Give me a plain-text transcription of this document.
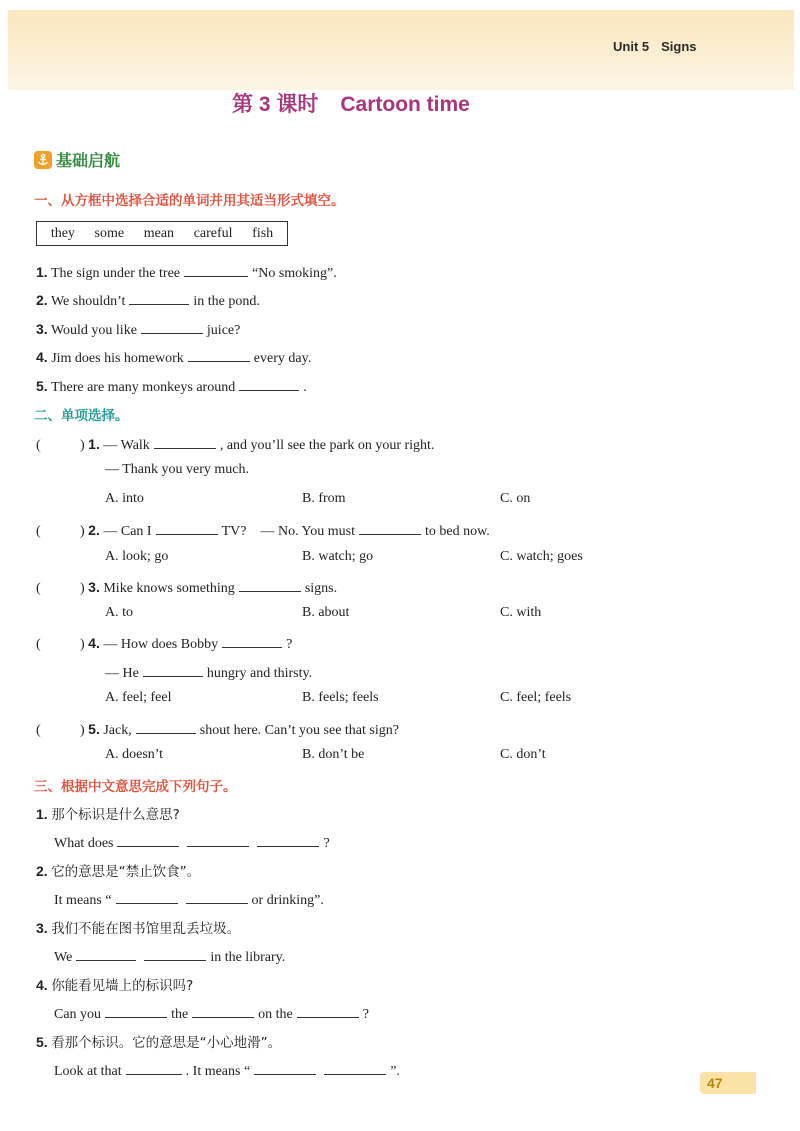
Unit 5 Signs
第 3 课时 Cartoon time
基础启航
一、从方框中选择合适的单词并用其适当形式填空。
they some mean careful fish
1. The sign under the tree	“No smoking”.
2. We shouldn’t	in the pond.
3. Would you like	juice?
4. Jim does his homework	every day.
5. There are many monkeys around	.
二、单项选择。
(	) 1. — Walk	, and you’ll see the park on your right.
— Thank you very much.
A. into	B. from	C. on
(	) 2. — Can I	TV? — No. You must	to bed now.
A. look; go	B. watch; go	C. watch; goes
(	) 3. Mike knows something	signs.
A. to	B. about	C. with
(	) 4. — How does Bobby	?
— He	hungry and thirsty.
A. feel; feel	B. feels; feels	C. feel; feels
(	) 5. Jack,	shout here. Can’t you see that sign?
A. doesn’t	B. don’t be	C. don’t
三、根据中文意思完成下列句子。
1. 那个标识是什么意思?
What does	?
2. 它的意思是“禁止饮食”。
It means “	or drinking”.
3. 我们不能在图书馆里乱丢垃圾。
We	in the library.
4. 你能看见墙上的标识吗?
Can you	the	on the	?
5. 看那个标识。它的意思是“小心地滑”。
Look at that	. It means “	”.
47
